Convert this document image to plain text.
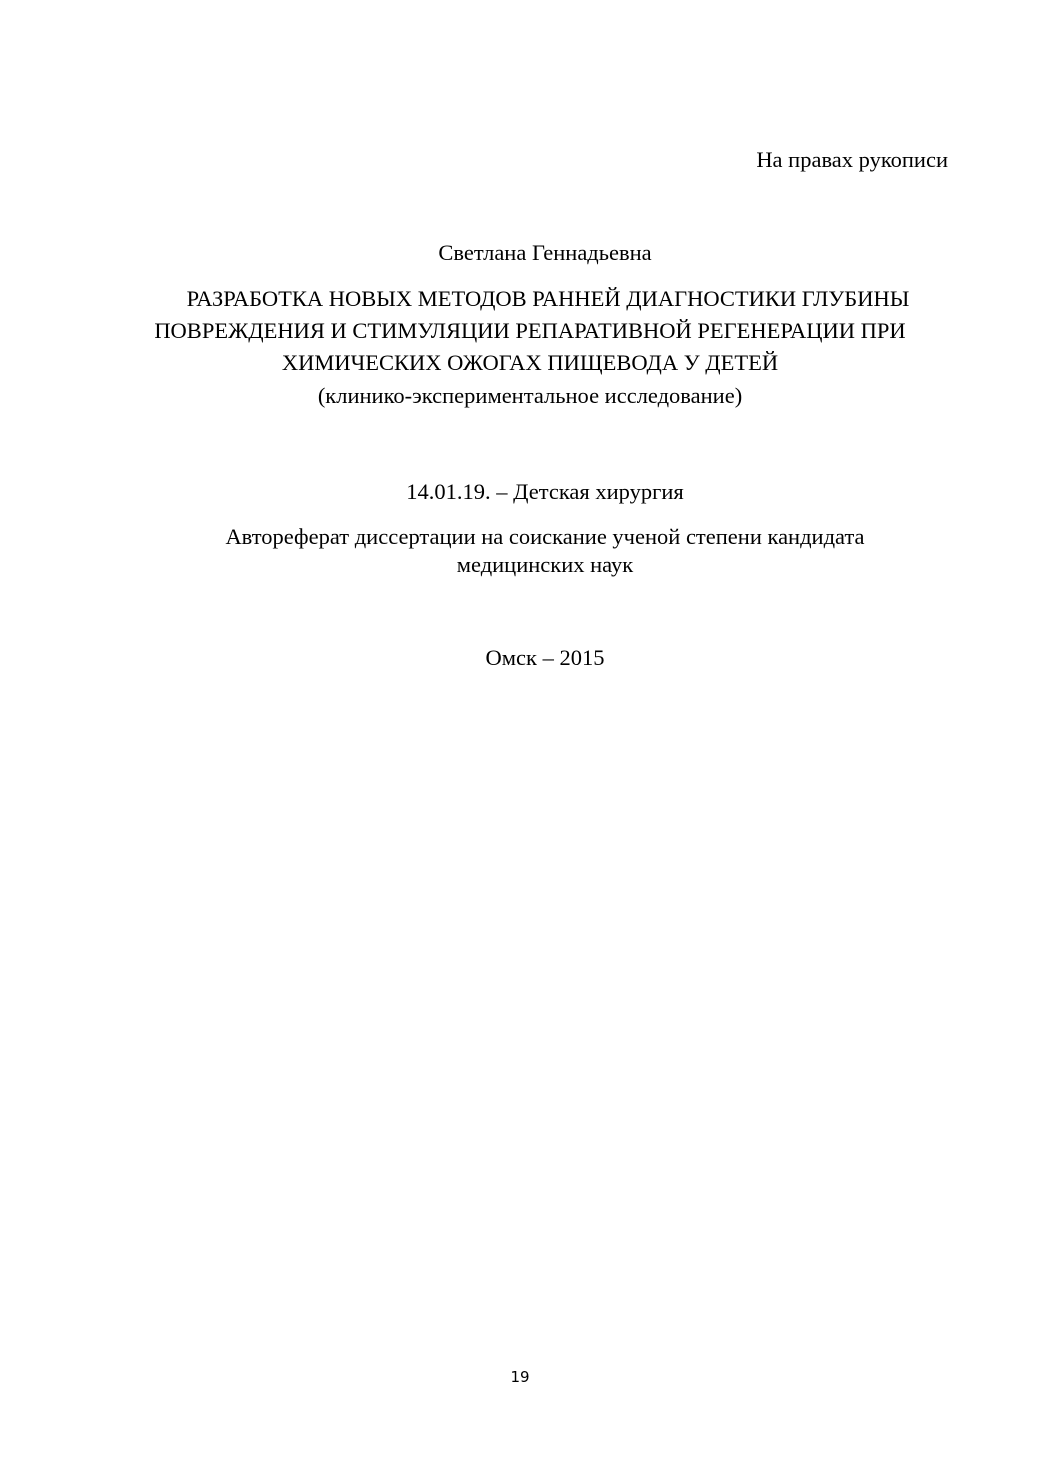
На правах рукописи
Светлана Геннадьевна
РАЗРАБОТКА НОВЫХ МЕТОДОВ РАННЕЙ ДИАГНОСТИКИ ГЛУБИНЫ
ПОВРЕЖДЕНИЯ И СТИМУЛЯЦИИ РЕПАРАТИВНОЙ РЕГЕНЕРАЦИИ ПРИ
ХИМИЧЕСКИХ ОЖОГАХ ПИЩЕВОДА У ДЕТЕЙ
(клинико-экспериментальное исследование)
14.01.19. – Детская хирургия
Автореферат диссертации на соискание ученой степени кандидата
медицинских наук
Омск – 2015
19
